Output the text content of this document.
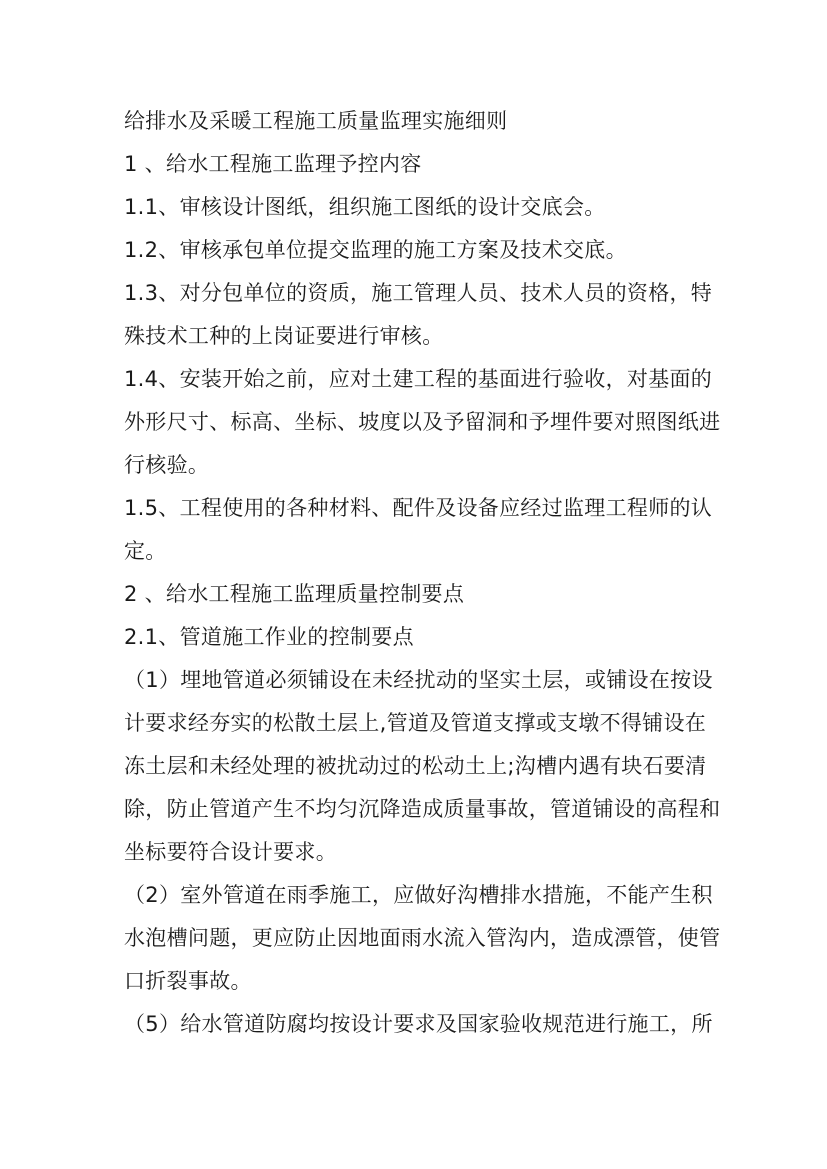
给排水及采暖工程施工质量监理实施细则
1 、给水工程施工监理予控内容
1.1、审核设计图纸，组织施工图纸的设计交底会。
1.2、审核承包单位提交监理的施工方案及技术交底。
1.3、对分包单位的资质，施工管理人员、技术人员的资格，特
殊技术工种的上岗证要进行审核。
1.4、安装开始之前，应对土建工程的基面进行验收，对基面的
外形尺寸、标高、坐标、坡度以及予留洞和予埋件要对照图纸进
行核验。
1.5、工程使用的各种材料、配件及设备应经过监理工程师的认
定。
2 、给水工程施工监理质量控制要点
2.1、管道施工作业的控制要点
（1）埋地管道必须铺设在未经扰动的坚实土层，或铺设在按设
计要求经夯实的松散土层上,管道及管道支撑或支墩不得铺设在
冻土层和未经处理的被扰动过的松动土上;沟槽内遇有块石要清
除，防止管道产生不均匀沉降造成质量事故，管道铺设的高程和
坐标要符合设计要求。
（2）室外管道在雨季施工，应做好沟槽排水措施，不能产生积
水泡槽问题，更应防止因地面雨水流入管沟内，造成漂管，使管
口折裂事故。
（5）给水管道防腐均按设计要求及国家验收规范进行施工，所
